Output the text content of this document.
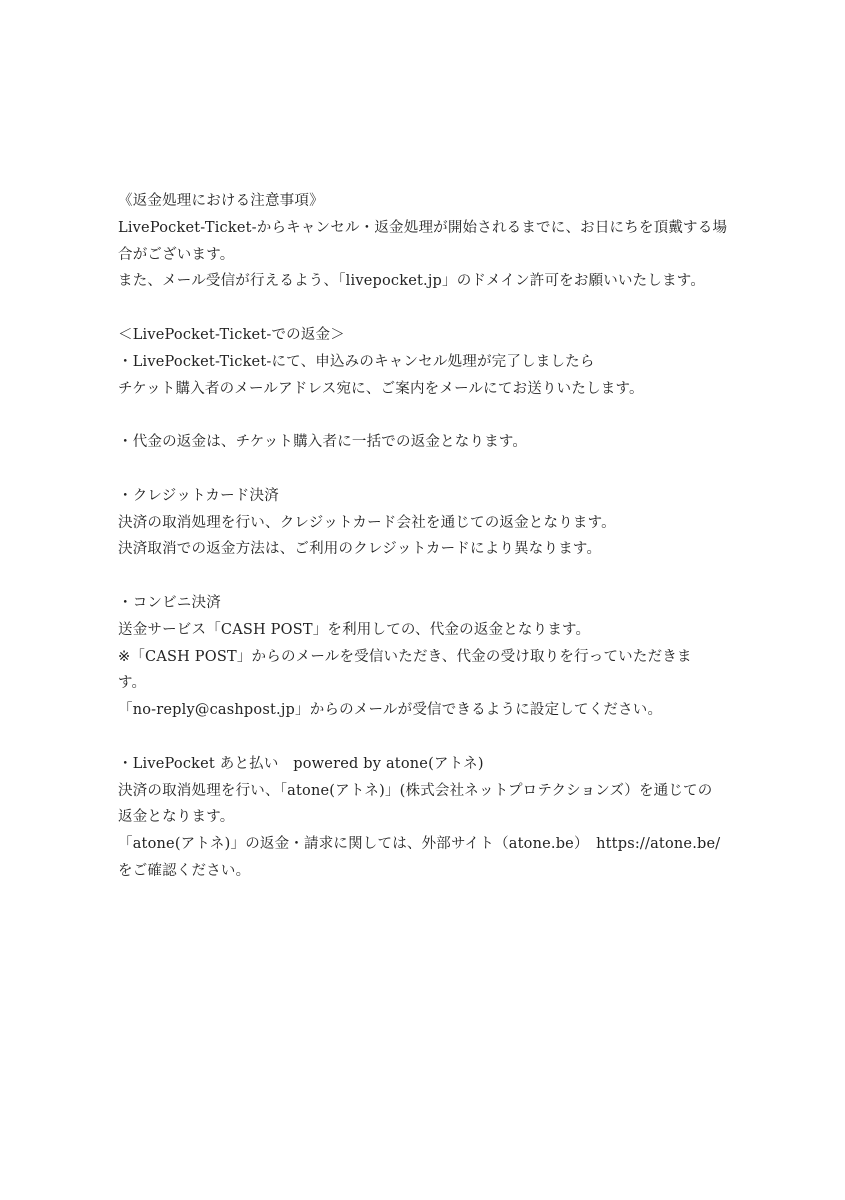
《返金処理における注意事項》
LivePocket-Ticket-からキャンセル・返金処理が開始されるまでに、お日にちを頂戴する場
合がございます。
また、メール受信が行えるよう、「livepocket.jp」のドメイン許可をお願いいたします。
＜LivePocket-Ticket-での返金＞
・LivePocket-Ticket-にて、申込みのキャンセル処理が完了しましたら
チケット購入者のメールアドレス宛に、ご案内をメールにてお送りいたします。
・代金の返金は、チケット購入者に一括での返金となります。
・クレジットカード決済
決済の取消処理を行い、クレジットカード会社を通じての返金となります。
決済取消での返金方法は、ご利用のクレジットカードにより異なります。
・コンビニ決済
送金サービス「CASH POST」を利用しての、代金の返金となります。
※「CASH POST」からのメールを受信いただき、代金の受け取りを行っていただきま
す。
「no-reply@cashpost.jp」からのメールが受信できるように設定してください。
・LivePocket あと払い　powered by atone(アトネ)
決済の取消処理を行い、「atone(アトネ)」(株式会社ネットプロテクションズ）を通じての
返金となります。
「atone(アトネ)」の返金・請求に関しては、外部サイト（atone.be）　https://atone.be/
をご確認ください。
